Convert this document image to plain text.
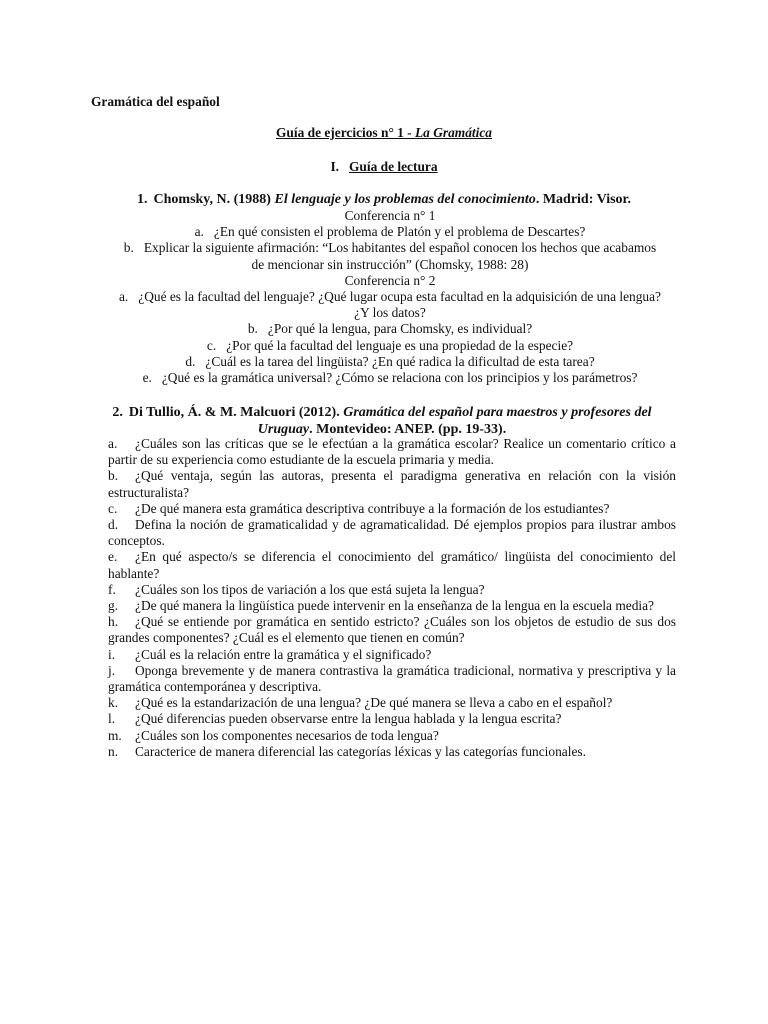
Gramática del español
Guía de ejercicios n° 1 - La Gramática
I. Guía de lectura
1. Chomsky, N. (1988) El lenguaje y los problemas del conocimiento. Madrid: Visor.
Conferencia n° 1
a. ¿En qué consisten el problema de Platón y el problema de Descartes?
b. Explicar la siguiente afirmación: “Los habitantes del español conocen los hechos que acabamos
de mencionar sin instrucción” (Chomsky, 1988: 28)
Conferencia n° 2
a. ¿Qué es la facultad del lenguaje? ¿Qué lugar ocupa esta facultad en la adquisición de una lengua?
¿Y los datos?
b. ¿Por qué la lengua, para Chomsky, es individual?
c. ¿Por qué la facultad del lenguaje es una propiedad de la especie?
d. ¿Cuál es la tarea del lingüista? ¿En qué radica la dificultad de esta tarea?
e. ¿Qué es la gramática universal? ¿Cómo se relaciona con los principios y los parámetros?
2. Di Tullio, Á. & M. Malcuori (2012). Gramática del español para maestros y profesores del Uruguay. Montevideo: ANEP. (pp. 19-33).
a. ¿Cuáles son las críticas que se le efectúan a la gramática escolar? Realice un comentario crítico a partir de su experiencia como estudiante de la escuela primaria y media.
b. ¿Qué ventaja, según las autoras, presenta el paradigma generativa en relación con la visión estructuralista?
c. ¿De qué manera esta gramática descriptiva contribuye a la formación de los estudiantes?
d. Defina la noción de gramaticalidad y de agramaticalidad. Dé ejemplos propios para ilustrar ambos conceptos.
e. ¿En qué aspecto/s se diferencia el conocimiento del gramático/ lingüista del conocimiento del hablante?
f. ¿Cuáles son los tipos de variación a los que está sujeta la lengua?
g. ¿De qué manera la lingüística puede intervenir en la enseñanza de la lengua en la escuela media?
h. ¿Qué se entiende por gramática en sentido estricto? ¿Cuáles son los objetos de estudio de sus dos grandes componentes? ¿Cuál es el elemento que tienen en común?
i. ¿Cuál es la relación entre la gramática y el significado?
j. Oponga brevemente y de manera contrastiva la gramática tradicional, normativa y prescriptiva y la gramática contemporánea y descriptiva.
k. ¿Qué es la estandarización de una lengua? ¿De qué manera se lleva a cabo en el español?
l. ¿Qué diferencias pueden observarse entre la lengua hablada y la lengua escrita?
m. ¿Cuáles son los componentes necesarios de toda lengua?
n. Caracterice de manera diferencial las categorías léxicas y las categorías funcionales.
